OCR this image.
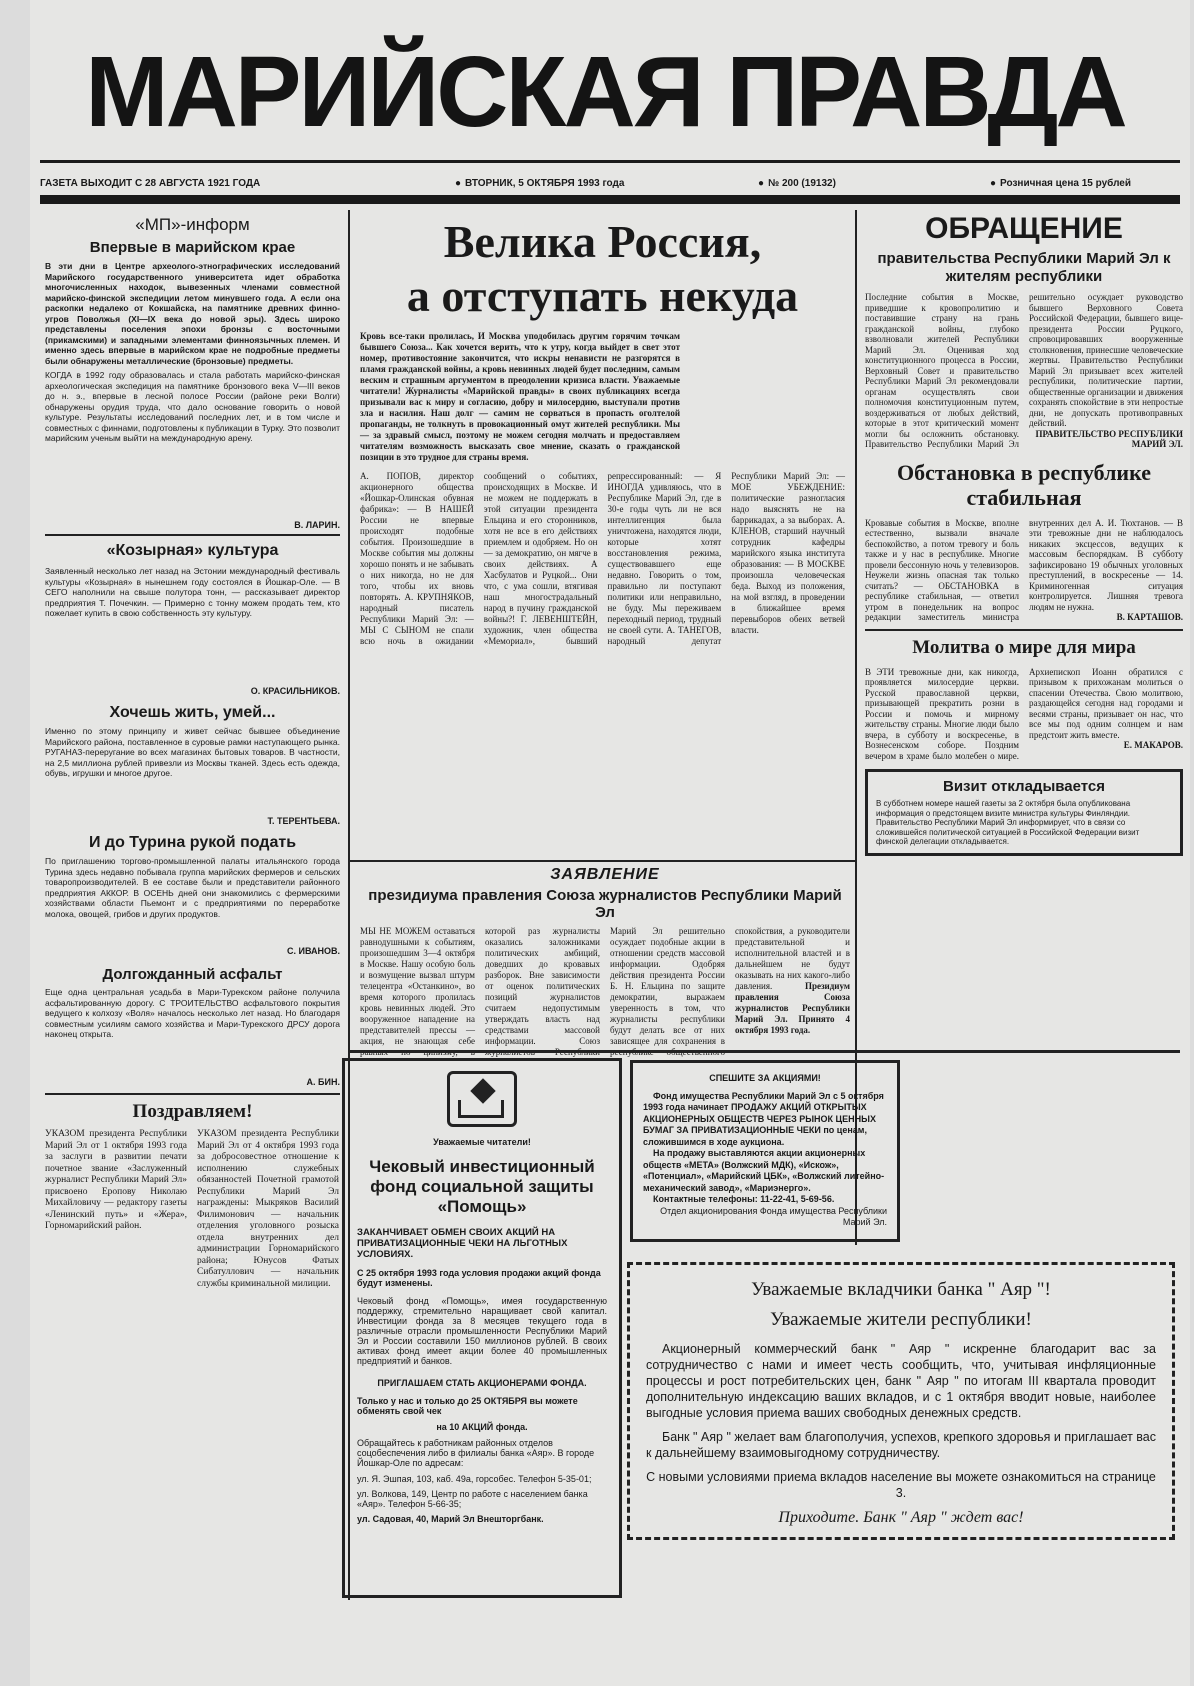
МАРИЙСКАЯ ПРАВДА
ГАЗЕТА ВЫХОДИТ С 28 АВГУСТА 1921 ГОДА	● ВТОРНИК, 5 ОКТЯБРЯ 1993 года	● № 200 (19132)	● Розничная цена 15 рублей
«МП»-информ
Впервые в марийском крае
В эти дни в Центре археолого-этнографических исследований Марийского государственного университета идет обработка многочисленных находок, вывезенных членами совместной марийско-финской экспедиции летом минувшего года. А если она раскопки недалеко от Кокшайска, на памятнике древних финно-угров Поволжья (XI—IX века до новой эры). Здесь широко представлены поселения эпохи бронзы с восточными (прикамскими) и западными элементами финноязычных племен. И именно здесь впервые в марийском крае не подробные предметы были обнаружены металлические (бронзовые) предметы.
КОГДА в 1992 году образовалась и стала работать марийско-финская археологическая экспедиция на памятнике бронзового века V—III веков до н. э., впервые в лесной полосе России (районе реки Волги) обнаружены орудия труда, что дало основание говорить о новой культуре. Результаты исследований последних лет, и в том числе и совместных с финнами, подготовлены к публикации в Турку. Это позволит марийским ученым выйти на международную арену.
В. ЛАРИН.
«Козырная» культура
Заявленный несколько лет назад на Эстонии международный фестиваль культуры «Козырная» в нынешнем году состоялся в Йошкар-Оле. — В СЕГО наполнили на свыше полутора тонн, — рассказывает директор предприятия Т. Почечкин. — Примерно с тонну можем продать тем, кто пожелает купить в свою собственность эту культуру.
О. КРАСИЛЬНИКОВ.
Хочешь жить, умей...
Именно по этому принципу и живет сейчас бывшее объединение Марийского района, поставленное в суровые рамки наступающего рынка. РУГАНАЗ-переругание во всех магазинах бытовых товаров. В частности, на 2,5 миллиона рублей привезли из Москвы тканей. Здесь есть одежда, обувь, игрушки и многое другое.
Т. ТЕРЕНТЬЕВА.
И до Турина рукой подать
По приглашению торгово-промышленной палаты итальянского города Турина здесь недавно побывала группа марийских фермеров и сельских товаропроизводителей. В ее составе были и представители районного предприятия АККОР. В ОСЕНЬ дней они знакомились с фермерскими хозяйствами области Пьемонт и с предприятиями по переработке молока, овощей, грибов и других продуктов.
С. ИВАНОВ.
Долгожданный асфальт
Еще одна центральная усадьба в Мари-Турекском районе получила асфальтированную дорогу. С ТРОИТЕЛЬСТВО асфальтового покрытия ведущего к колхозу «Воля» началось несколько лет назад. Но благодаря совместным усилиям самого хозяйства и Мари-Турекского ДРСУ дорога наконец открыта.
А. БИН.
Поздравляем!
УКАЗОМ президента Республики Марий Эл от 1 октября 1993 года за заслуги в развитии печати почетное звание «Заслуженный журналист Республики Марий Эл» присвоено Еропову Николаю Михайловичу — редактору газеты «Ленинский путь» и «Жера», Горномарийский район.
УКАЗОМ президента Республики Марий Эл от 4 октября 1993 года за добросовестное отношение к исполнению служебных обязанностей Почетной грамотой Республики Марий Эл награждены: Мыкряков Василий Филимонович — начальник отделения уголовного розыска отдела внутренних дел администрации Горномарийского района; Юнусов Фатых Сибатуллович — начальник службы криминальной милиции.
Велика Россия,
а отступать некуда
Кровь все-таки пролилась, И Москва уподобилась другим горячим точкам бывшего Союза... Как хочется верить, что к утру, когда выйдет в свет этот номер, противостояние закончится, что искры ненависти не разгорятся в пламя гражданской войны, а кровь невинных людей будет последним, самым веским и страшным аргументом в преодолении кризиса власти. Уважаемые читатели! Журналисты «Марийской правды» в своих публикациях всегда призывали вас к миру и согласию, добру и милосердию, выступали против зла и насилия. Наш долг — самим не сорваться в пропасть оголтелой пропаганды, не толкнуть в провокационный омут жителей республики. Мы — за здравый смысл, поэтому не можем сегодня молчать и предоставляем читателям возможность высказать свое мнение, сказать о гражданской позиции в это трудное для страны время.
А. ПОПОВ, директор акционерного общества «Йошкар-Олинская обувная фабрика»: — В НАШЕЙ России не впервые происходят подобные события. Произошедшие в Москве события мы должны хорошо понять и не забывать о них никогда, но не для того, чтобы их вновь повторять. А. КРУПНЯКОВ, народный писатель Республики Марий Эл: — МЫ С СЫНОМ не спали всю ночь в ожидании сообщений о событиях, происходящих в Москве. И не можем не поддержать в этой ситуации президента Ельцина и его сторонников, хотя не все в его действиях приемлем и одобряем. Но он — за демократию, он мягче в своих действиях. А Хасбулатов и Руцкой... Они что, с ума сошли, втягивая наш многострадальный народ в пучину гражданской войны?! Г. ЛЕВЕНШТЕЙН, художник, член общества «Мемориал», бывший репрессированный: — Я ИНОГДА удивляюсь, что в Республике Марий Эл, где в 30-е годы чуть ли не вся интеллигенция была уничтожена, находятся люди, которые хотят восстановления режима, существовавшего еще недавно. Говорить о том, правильно ли поступают политики или неправильно, не буду. Мы переживаем переходный период, трудный не своей сути. А. ТАНЕГОВ, народный депутат Республики Марий Эл: — МОЕ УБЕЖДЕНИЕ: политические разногласия надо выяснять не на баррикадах, а за выборах. А. КЛЕНОВ, старший научный сотрудник кафедры марийского языка института образования: — В МОСКВЕ произошла человеческая беда. Выход из положения, на мой взгляд, в проведении в ближайшее время перевыборов обеих ветвей власти.
ЗАЯВЛЕНИЕ
президиума правления Союза журналистов Республики Марий Эл
МЫ НЕ МОЖЕМ оставаться равнодушными к событиям, произошедшим 3—4 октября в Москве. Нашу особую боль и возмущение вызвал штурм телецентра «Останкино», во время которого пролилась кровь невинных людей. Это вооруженное нападение на представителей прессы — акция, не знающая себе которой раз журналисты оказались заложниками политических амбиций, доведших до кровавых разборок. Вне зависимости от оценок политических позиций журналистов считаем недопустимым утверждать власть над средствами массовой информации. Союз Марий Эл решительно осуждает подобные акции в отношении средств массовой информации. Одобряя действия президента России Б. Н. Ельцина по защите демократии, выражаем уверенность в том, что журналисты республики будут делать все от них зависящее для сохранения в спокойствия, а руководители представительной и исполнительной властей и в дальнейшем не будут оказывать на них какого-либо давления.	Президиум правления Союза журналистов Республики Марий Эл. Принято 4 октября 1993 года.
Уважаемые читатели!
Чековый инвестиционный фонд социальной защиты «Помощь»
ЗАКАНЧИВАЕТ ОБМЕН СВОИХ АКЦИЙ НА ПРИВАТИЗАЦИОННЫЕ ЧЕКИ НА ЛЬГОТНЫХ УСЛОВИЯХ.
С 25 октября 1993 года условия продажи акций фонда будут изменены.
Чековый фонд «Помощь», имея государственную поддержку, стремительно наращивает свой капитал. Инвестиции фонда за 8 месяцев текущего года в различные отрасли промышленности Республики Марий Эл и России составили 150 миллионов рублей. В своих активах фонд имеет акции более 40 промышленных предприятий и банков.
ПРИГЛАШАЕМ СТАТЬ АКЦИОНЕРАМИ ФОНДА.
Только у нас и только до 25 ОКТЯБРЯ вы можете обменять свой чек
на 10 АКЦИЙ фонда.
Обращайтесь к работникам районных отделов соцобеспечения либо в филиалы банка «Аяр». В городе Йошкар-Оле по адресам:
ул. Я. Эшпая, 103, каб. 49а, горсобес. Телефон 5-35-01;
ул. Волкова, 149, Центр по работе с населением банка «Аяр». Телефон 5-66-35;
ул. Садовая, 40, Марий Эл Внешторгбанк.
СПЕШИТЕ ЗА АКЦИЯМИ!
Фонд имущества Республики Марий Эл с 5 октября 1993 года начинает ПРОДАЖУ АКЦИЙ ОТКРЫТЫХ АКЦИОНЕРНЫХ ОБЩЕСТВ ЧЕРЕЗ РЫНОК ЦЕННЫХ БУМАГ ЗА ПРИВАТИЗАЦИОННЫЕ ЧЕКИ по ценам, сложившимся в ходе аукциона.
На продажу выставляются акции акционерных обществ «МЕТА» (Волжский МДК), «Искож», «Потенциал», «Марийский ЦБК», «Волжский литейно-механический завод», «Мариэнерго».
Контактные телефоны: 11-22-41, 5-69-56.
Отдел акционирования Фонда имущества Республики Марий Эл.
Уважаемые вкладчики банка " Аяр "!
Уважаемые жители республики!
Акционерный коммерческий банк " Аяр " искренне благодарит вас за сотрудничество с нами и имеет честь сообщить, что, учитывая инфляционные процессы и рост потребительских цен, банк " Аяр " по итогам III квартала проводит дополнительную индексацию ваших вкладов, и с 1 октября вводит новые, наиболее выгодные условия приема ваших свободных денежных средств.
Банк " Аяр " желает вам благополучия, успехов, крепкого здоровья и приглашает вас к дальнейшему взаимовыгодному сотрудничеству.
С новыми условиями приема вкладов население вы можете ознакомиться на странице 3.
Приходите. Банк " Аяр " ждет вас!
ОБРАЩЕНИЕ
правительства Республики Марий Эл к жителям республики
Последние события в Москве, приведшие к кровопролитию и поставившие страну на грань гражданской войны, глубоко взволновали жителей Республики Марий Эл. Оценивая ход конституционного процесса в России, Верховный Совет и правительство Республики Марий Эл рекомендовали органам осуществлять свои полномочия конституционным путем, воздерживаться от любых действий, которые в этот критический момент могли бы осложнить обстановку. Правительство Республики Марий Эл решительно осуждает руководство бывшего Верховного Совета Российской Федерации, бывшего вице-президента России Руцкого, спровоцировавших вооруженные столкновения, принесшие человеческие жертвы. Правительство Республики Марий Эл призывает всех жителей республики, политические партии, общественные организации и движения сохранять спокойствие в эти непростые дни, не допускать противоправных действий.
ПРАВИТЕЛЬСТВО РЕСПУБЛИКИ МАРИЙ ЭЛ.
Обстановка в республике стабильная
Кровавые события в Москве, вполне естественно, вызвали вначале беспокойство, а потом тревогу и боль также и у нас в республике. Многие провели бессонную ночь у телевизоров. Неужели жизнь опасная так только считать? — ОБСТАНОВКА в республике стабильная, — ответил утром в понедельник на вопрос редакции заместитель министра внутренних дел А. И. Тюхтанов. — В эти тревожные дни не наблюдалось никаких эксцессов, ведущих к массовым беспорядкам. В субботу зафиксировано 19 обычных уголовных преступлений, в воскресенье — 14. Криминогенная ситуация контролируется. Лишняя тревога людям не нужна.
В. КАРТАШОВ.
Молитва о мире для мира
В ЭТИ тревожные дни, как никогда, проявляется милосердие церкви. Русской православной церкви, призывающей прекратить розни в России и помочь и мирному жительству страны. Многие люди было вчера, в субботу и воскресенье, в Вознесенском соборе. Поздним вечером в храме было молебен о мире. Архиепископ Иоанн обратился с призывом к прихожанам молиться о спасении Отечества. Свою молитвою, раздающейся сегодня над городами и весями страны, призывает он нас, что все мы под одним солнцем и нам предстоит жить вместе.
Е. МАКАРОВ.
Визит откладывается
В субботнем номере нашей газеты за 2 октября была опубликована информация о предстоящем визите министра культуры Финляндии. Правительство Республики Марий Эл информирует, что в связи со сложившейся политической ситуацией в Российской Федерации визит финской делегации откладывается.
